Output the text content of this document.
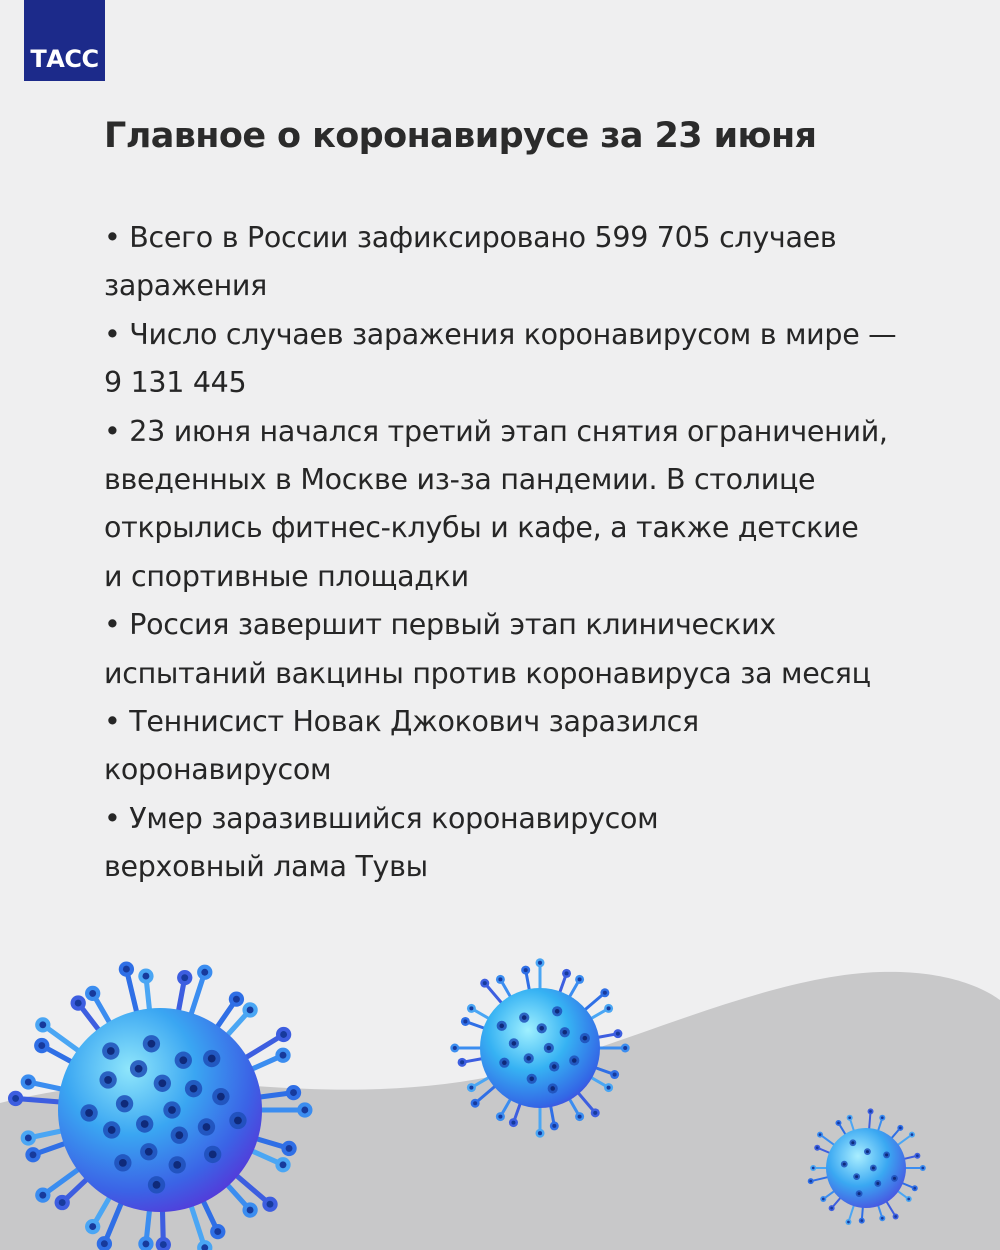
ТАСС
Главное о коронавирусе за 23 июня
• Всего в России зафиксировано 599 705 случаев
заражения
• Число случаев заражения коронавирусом в мире —
9 131 445
• 23 июня начался третий этап снятия ограничений,
введенных в Москве из-за пандемии. В столице
открылись фитнес-клубы и кафе, а также детские
и спортивные площадки
• Россия завершит первый этап клинических
испытаний вакцины против коронавируса за месяц
• Теннисист Новак Джокович заразился
коронавирусом
• Умер заразившийся коронавирусом
верховный лама Тувы
